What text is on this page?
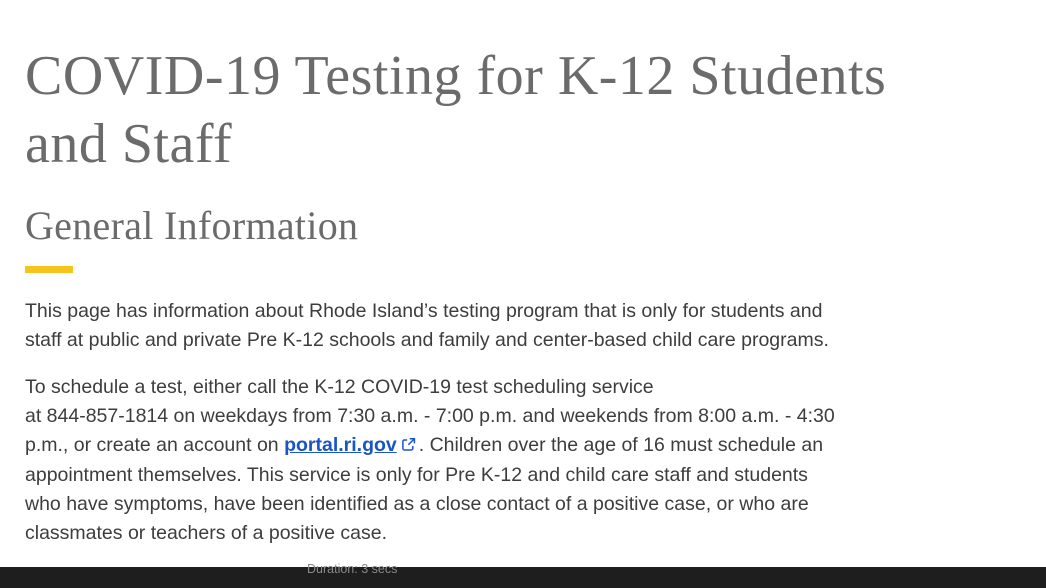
COVID-19 Testing for K-12 Students
and Staff
General Information

This page has information about Rhode Island’s testing program that is only for students and staff at public and private Pre K-12 schools and family and center-based child care programs.

To schedule a test, either call the K-12 COVID-19 test scheduling service
at 844-857-1814 on weekdays from 7:30 a.m. - 7:00 p.m. and weekends from 8:00 a.m. - 4:30 p.m., or create an account on portal.ri.gov . Children over the age of 16 must schedule an appointment themselves. This service is only for Pre K-12 and child care staff and students who have symptoms, have been identified as a close contact of a positive case, or who are classmates or teachers of a positive case.

Duration: 3 secs
